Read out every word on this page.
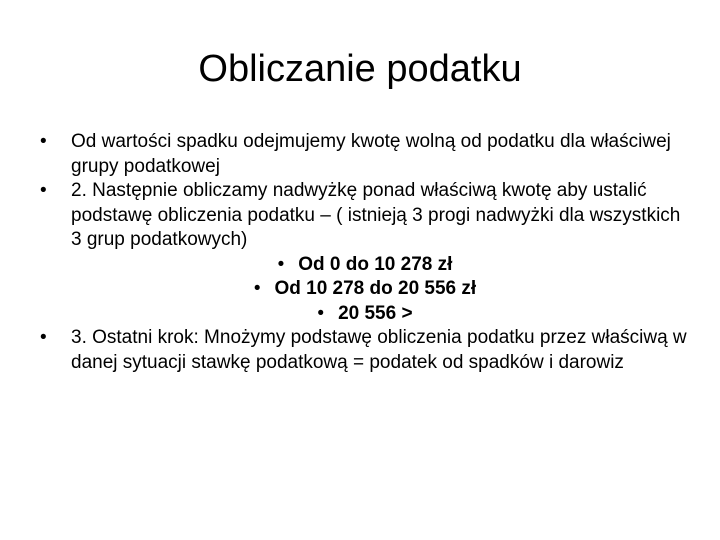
Obliczanie podatku
• Od wartości spadku odejmujemy kwotę wolną od podatku dla właściwej grupy podatkowej
• 2. Następnie obliczamy nadwyżkę ponad właściwą kwotę aby ustalić podstawę obliczenia podatku – ( istnieją 3 progi nadwyżki dla wszystkich 3 grup podatkowych)
• Od 0 do 10 278 zł
• Od 10 278 do 20 556 zł
• 20 556 >
• 3. Ostatni krok: Mnożymy podstawę obliczenia podatku przez właściwą w danej sytuacji stawkę podatkową = podatek od spadków i darowiz
